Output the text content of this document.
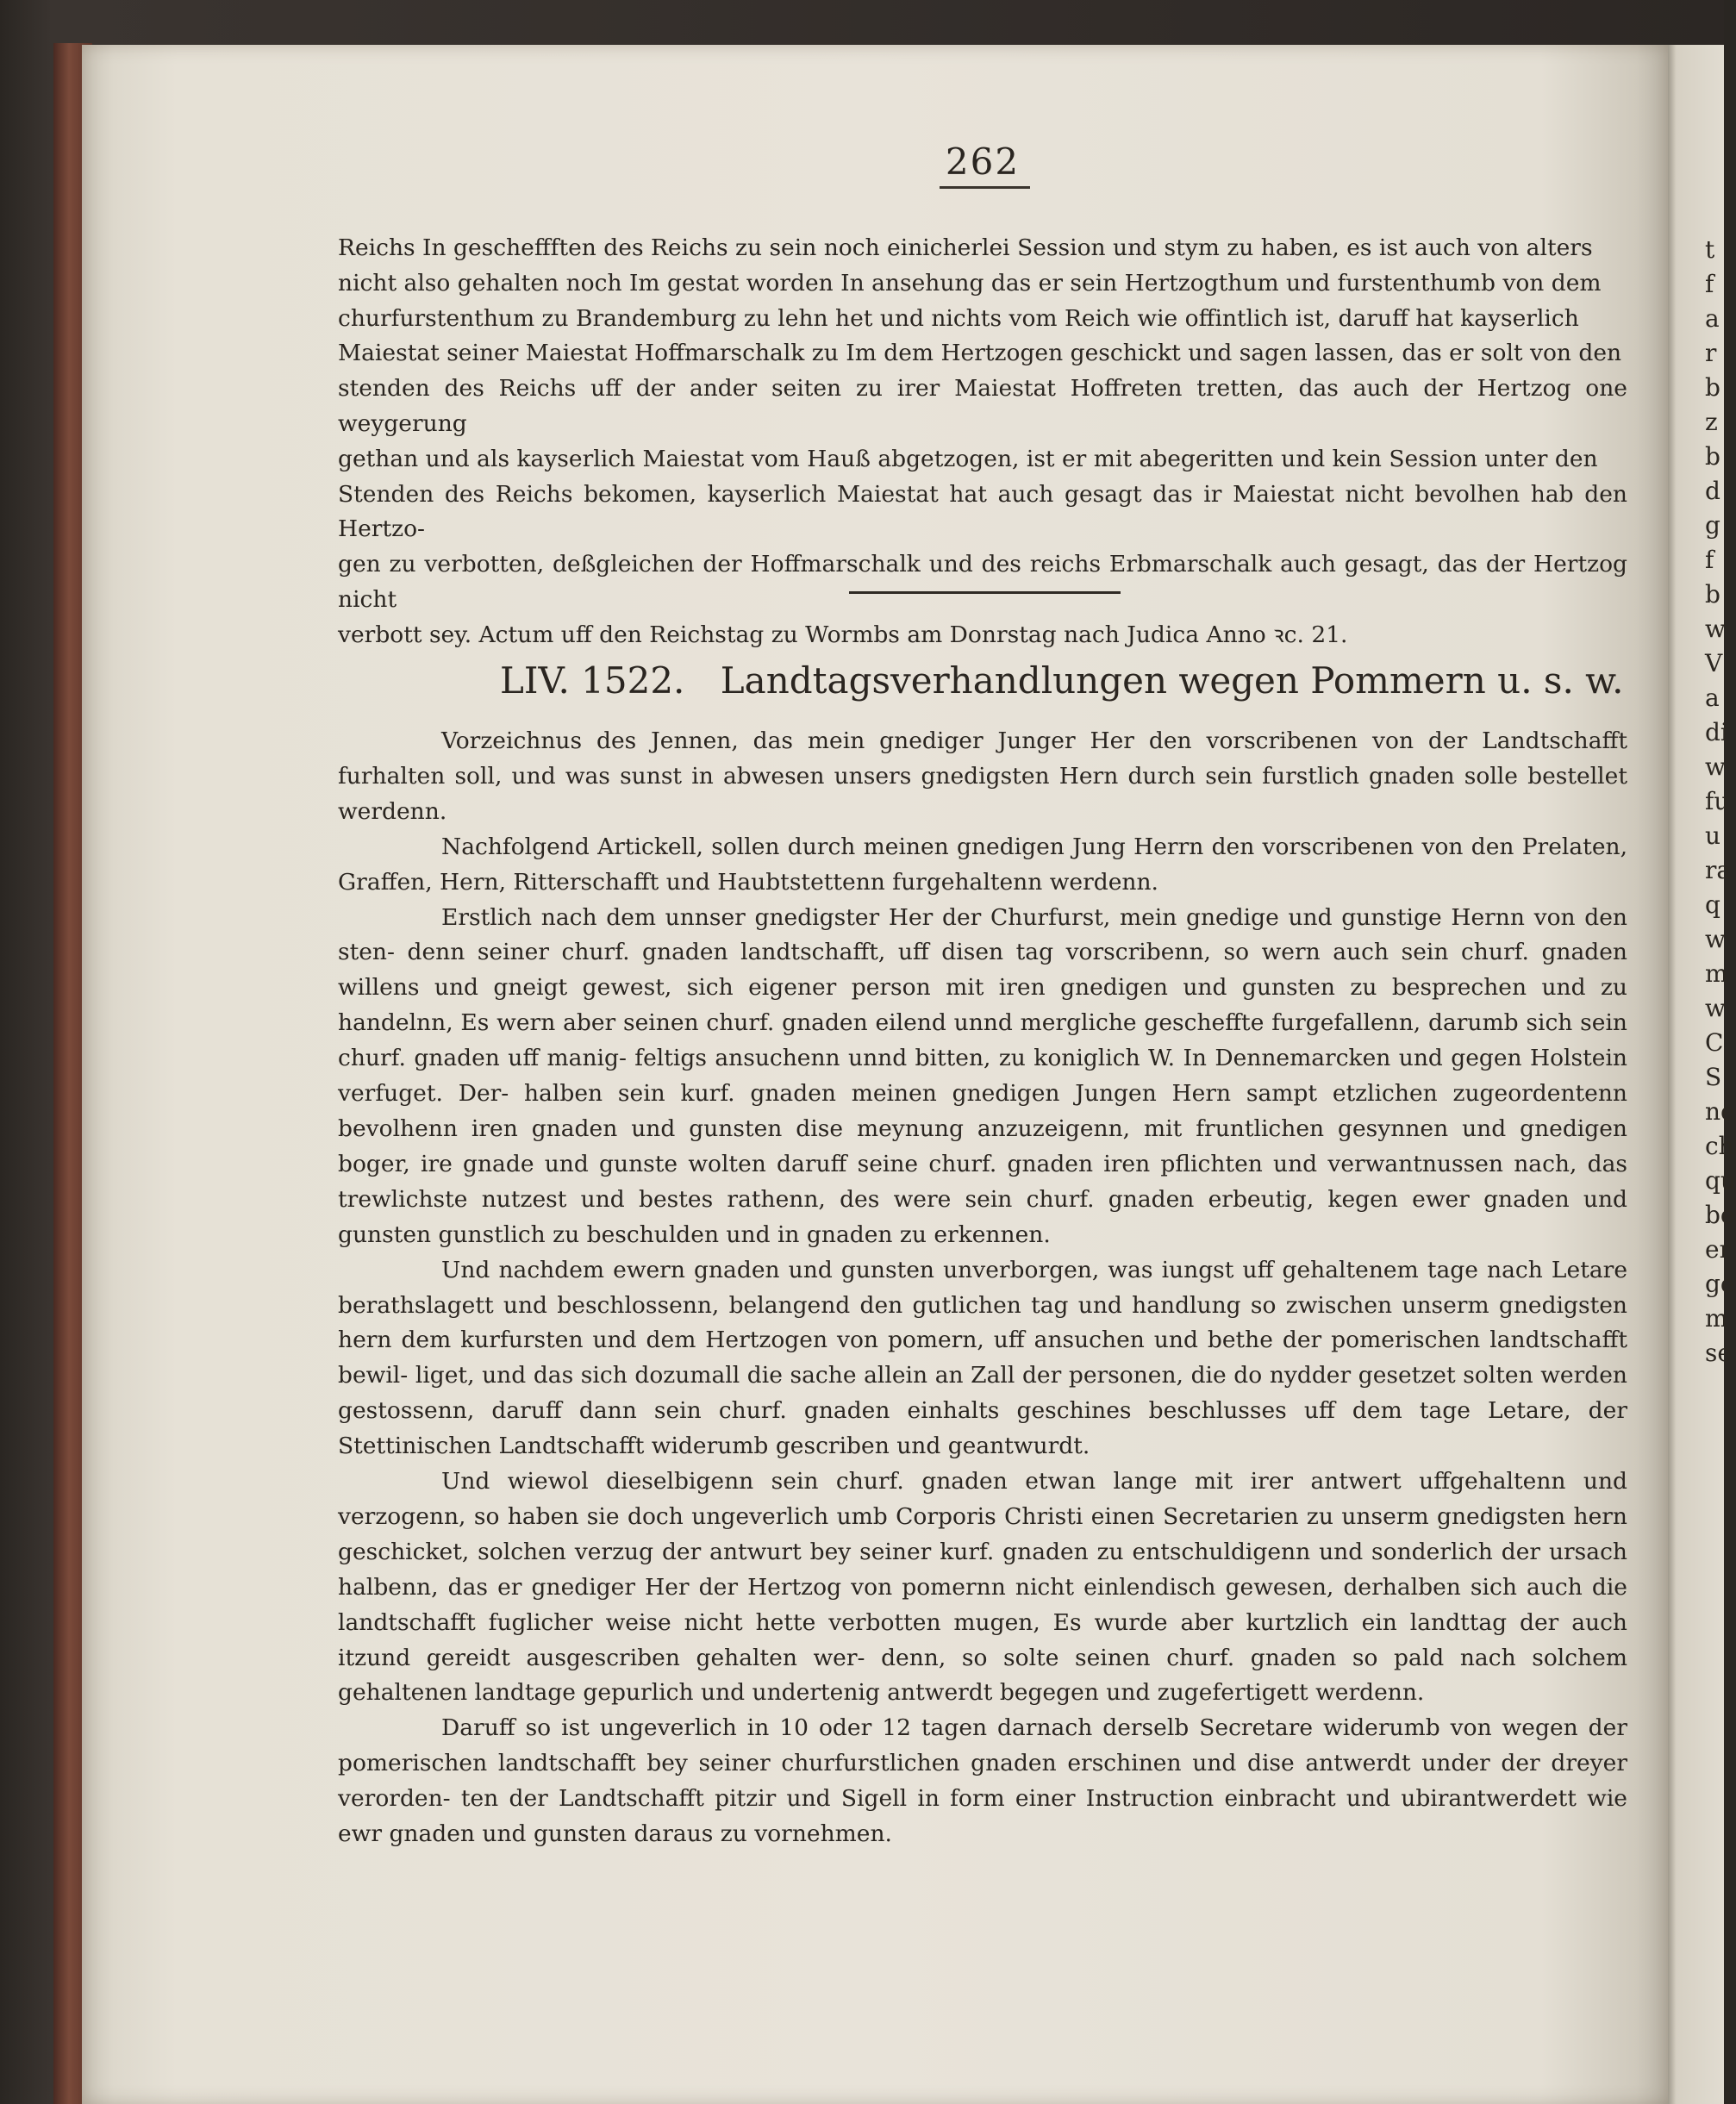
t
f
a
r
b
z
b
d
g
f
b
w
V
a
di
w
fu
u
ra
q
w
m
w
C
S
ne
ch
qu
be
er
ge
m
se
262

Reichs In gescheffften des Reichs zu sein noch einicherlei Session und stym zu haben, es ist auch von alters

nicht also gehalten noch Im gestat worden In ansehung das er sein Hertzogthum und furstenthumb von dem

churfurstenthum zu Brandemburg zu lehn het und nichts vom Reich wie offintlich ist, daruff hat kayserlich

Maiestat seiner Maiestat Hoffmarschalk zu Im dem Hertzogen geschickt und sagen lassen, das er solt von den

stenden des Reichs uff der ander seiten zu irer Maiestat Hoffreten tretten, das auch der Hertzog one weygerung

gethan und als kayserlich Maiestat vom Hauß abgetzogen, ist er mit abegeritten und kein Session unter den

Stenden des Reichs bekomen, kayserlich Maiestat hat auch gesagt das ir Maiestat nicht bevolhen hab den Hertzo-

gen zu verbotten, deßgleichen der Hoffmarschalk und des reichs Erbmarschalk auch gesagt, das der Hertzog nicht

verbott sey. Actum uff den Reichstag zu Wormbs am Donrstag nach Judica Anno ꝛc. 21.

LIV. 1522. Landtagsverhandlungen wegen Pommern u. s. w.

Vorzeichnus des Jennen, das mein gnediger Junger Her den vorscribenen von der Landtschafft furhalten soll, und was sunst in abwesen unsers gnedigsten Hern durch sein furstlich gnaden solle bestellet werdenn.

Nachfolgend Artickell, sollen durch meinen gnedigen Jung Herrn den vorscribenen von den Prelaten, Graffen, Hern, Ritterschafft und Haubtstettenn furgehaltenn werdenn.

Erstlich nach dem unnser gnedigster Her der Churfurst, mein gnedige und gunstige Hernn von den sten- denn seiner churf. gnaden landtschafft, uff disen tag vorscribenn, so wern auch sein churf. gnaden willens und gneigt gewest, sich eigener person mit iren gnedigen und gunsten zu besprechen und zu handelnn, Es wern aber seinen churf. gnaden eilend unnd mergliche gescheffte furgefallenn, darumb sich sein churf. gnaden uff manig- feltigs ansuchenn unnd bitten, zu koniglich W. In Dennemarcken und gegen Holstein verfuget. Der- halben sein kurf. gnaden meinen gnedigen Jungen Hern sampt etzlichen zugeordentenn bevolhenn iren gnaden und gunsten dise meynung anzuzeigenn, mit fruntlichen gesynnen und gnedigen boger, ire gnade und gunste wolten daruff seine churf. gnaden iren pflichten und verwantnussen nach, das trewlichste nutzest und bestes rathenn, des were sein churf. gnaden erbeutig, kegen ewer gnaden und gunsten gunstlich zu beschulden und in gnaden zu erkennen.

Und nachdem ewern gnaden und gunsten unverborgen, was iungst uff gehaltenem tage nach Letare berathslagett und beschlossenn, belangend den gutlichen tag und handlung so zwischen unserm gnedigsten hern dem kurfursten und dem Hertzogen von pomern, uff ansuchen und bethe der pomerischen landtschafft bewil- liget, und das sich dozumall die sache allein an Zall der personen, die do nydder gesetzet solten werden gestossenn, daruff dann sein churf. gnaden einhalts geschines beschlusses uff dem tage Letare, der Stettinischen Landtschafft widerumb gescriben und geantwurdt.

Und wiewol dieselbigenn sein churf. gnaden etwan lange mit irer antwert uffgehaltenn und verzogenn, so haben sie doch ungeverlich umb Corporis Christi einen Secretarien zu unserm gnedigsten hern geschicket, solchen verzug der antwurt bey seiner kurf. gnaden zu entschuldigenn und sonderlich der ursach halbenn, das er gnediger Her der Hertzog von pomernn nicht einlendisch gewesen, derhalben sich auch die landtschafft fuglicher weise nicht hette verbotten mugen, Es wurde aber kurtzlich ein landttag der auch itzund gereidt ausgescriben gehalten wer- denn, so solte seinen churf. gnaden so pald nach solchem gehaltenen landtage gepurlich und undertenig antwerdt begegen und zugefertigett werdenn.

Daruff so ist ungeverlich in 10 oder 12 tagen darnach derselb Secretare widerumb von wegen der pomerischen landtschafft bey seiner churfurstlichen gnaden erschinen und dise antwerdt under der dreyer verorden- ten der Landtschafft pitzir und Sigell in form einer Instruction einbracht und ubirantwerdett wie ewr gnaden und gunsten daraus zu vornehmen.
